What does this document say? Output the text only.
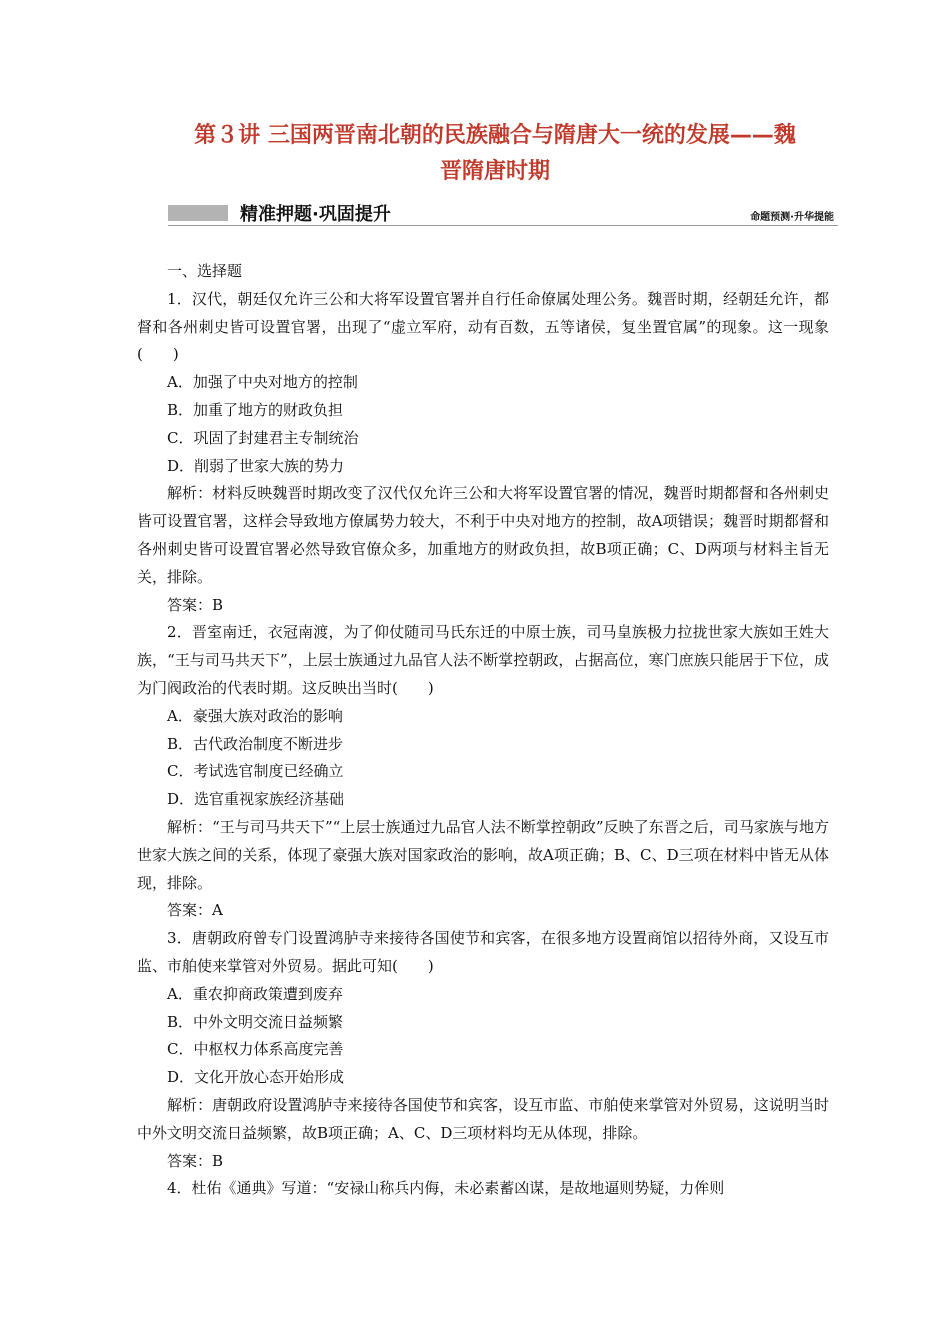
第３讲 三国两晋南北朝的民族融合与隋唐大一统的发展——魏
晋隋唐时期
精准押题·巩固提升	命题预测·升华提能

一、选择题

1．汉代，朝廷仅允许三公和大将军设置官署并自行任命僚属处理公务。魏晋时期，经朝廷允许，都督和各州刺史皆可设置官署，出现了“虚立军府，动有百数，五等诸侯，复坐置官属”的现象。这一现象(　　)

A．加强了中央对地方的控制

B．加重了地方的财政负担

C．巩固了封建君主专制统治

D．削弱了世家大族的势力

解析：材料反映魏晋时期改变了汉代仅允许三公和大将军设置官署的情况，魏晋时期都督和各州刺史皆可设置官署，这样会导致地方僚属势力较大，不利于中央对地方的控制，故A项错误；魏晋时期都督和各州刺史皆可设置官署必然导致官僚众多，加重地方的财政负担，故B项正确；C、D两项与材料主旨无关，排除。

答案：B

2．晋室南迁，衣冠南渡，为了仰仗随司马氏东迁的中原士族，司马皇族极力拉拢世家大族如王姓大族，“王与司马共天下”，上层士族通过九品官人法不断掌控朝政，占据高位，寒门庶族只能居于下位，成为门阀政治的代表时期。这反映出当时(　　)

A．豪强大族对政治的影响

B．古代政治制度不断进步

C．考试选官制度已经确立

D．选官重视家族经济基础

解析：“王与司马共天下”“上层士族通过九品官人法不断掌控朝政”反映了东晋之后，司马家族与地方世家大族之间的关系，体现了豪强大族对国家政治的影响，故A项正确；B、C、D三项在材料中皆无从体现，排除。

答案：A

3．唐朝政府曾专门设置鸿胪寺来接待各国使节和宾客，在很多地方设置商馆以招待外商，又设互市监、市舶使来掌管对外贸易。据此可知(　　)

A．重农抑商政策遭到废弃

B．中外文明交流日益频繁

C．中枢权力体系高度完善

D．文化开放心态开始形成

解析：唐朝政府设置鸿胪寺来接待各国使节和宾客，设互市监、市舶使来掌管对外贸易，这说明当时中外文明交流日益频繁，故B项正确；A、C、D三项材料均无从体现，排除。

答案：B

4．杜佑《通典》写道：“安禄山称兵内侮，未必素蓄凶谋，是故地逼则势疑，力侔则
